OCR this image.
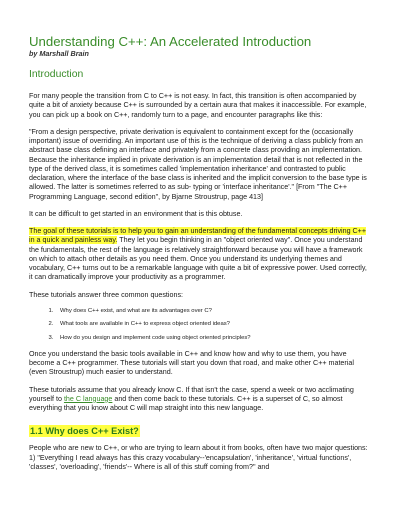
Understanding C++: An Accelerated Introduction
by Marshall Brain
Introduction

For many people the transition from C to C++ is not easy. In fact, this transition is often accompanied by quite a bit of anxiety because C++ is surrounded by a certain aura that makes it inaccessible. For example, you can pick up a book on C++, randomly turn to a page, and encounter paragraphs like this:

"From a design perspective, private derivation is equivalent to containment except for the (occasionally important) issue of overriding. An important use of this is the technique of deriving a class publicly from an abstract base class defining an interface and privately from a concrete class providing an implementation. Because the inheritance implied in private derivation is an implementation detail that is not reflected in the type of the derived class, it is sometimes called 'implementation inheritance' and contrasted to public declaration, where the interface of the base class is inherited and the implicit conversion to the base type is allowed. The latter is sometimes referred to as sub- typing or 'interface inheritance'." [From "The C++ Programming Language, second edition", by Bjarne Stroustrup, page 413]

It can be difficult to get started in an environment that is this obtuse.

The goal of these tutorials is to help you to gain an understanding of the fundamental concepts driving C++ in a quick and painless way. They let you begin thinking in an "object oriented way". Once you understand the fundamentals, the rest of the language is relatively straightforward because you will have a framework on which to attach other details as you need them. Once you understand its underlying themes and vocabulary, C++ turns out to be a remarkable language with quite a bit of expressive power. Used correctly, it can dramatically improve your productivity as a programmer.

These tutorials answer three common questions:

1. Why does C++ exist, and what are its advantages over C?
2. What tools are available in C++ to express object oriented ideas?
3. How do you design and implement code using object oriented principles?

Once you understand the basic tools available in C++ and know how and why to use them, you have become a C++ programmer. These tutorials will start you down that road, and make other C++ material (even Stroustrup) much easier to understand.

These tutorials assume that you already know C. If that isn't the case, spend a week or two acclimating yourself to the C language and then come back to these tutorials. C++ is a superset of C, so almost everything that you know about C will map straight into this new language.

1.1 Why does C++ Exist?

People who are new to C++, or who are trying to learn about it from books, often have two major questions: 1) "Everything I read always has this crazy vocabulary--'encapsulation', 'inheritance', 'virtual functions', 'classes', 'overloading', 'friends'-- Where is all of this stuff coming from?" and
